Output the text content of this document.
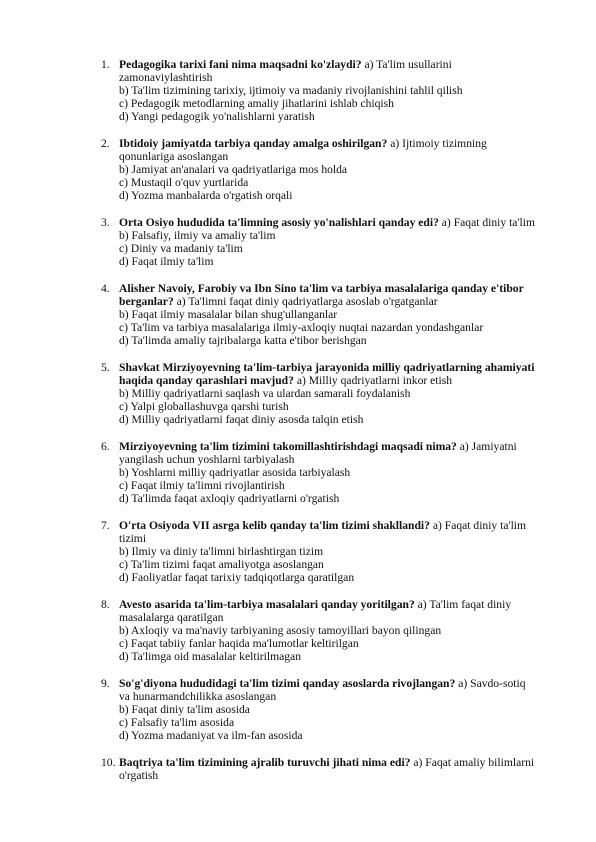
1. Pedagogika tarixi fani nima maqsadni ko'zlaydi? a) Ta'lim usullarini
zamonaviylashtirish
b) Ta'lim tizimining tarixiy, ijtimoiy va madaniy rivojlanishini tahlil qilish
c) Pedagogik metodlarning amaliy jihatlarini ishlab chiqish
d) Yangi pedagogik yo'nalishlarni yaratish
2. Ibtidoiy jamiyatda tarbiya qanday amalga oshirilgan? a) Ijtimoiy tizimning
qonunlariga asoslangan
b) Jamiyat an'analari va qadriyatlariga mos holda
c) Mustaqil o'quv yurtlarida
d) Yozma manbalarda o'rgatish orqali
3. Orta Osiyo hududida ta'limning asosiy yo'nalishlari qanday edi? a) Faqat diniy ta'lim
b) Falsafiy, ilmiy va amaliy ta'lim
c) Diniy va madaniy ta'lim
d) Faqat ilmiy ta'lim
4. Alisher Navoiy, Farobiy va Ibn Sino ta'lim va tarbiya masalalariga qanday e'tibor
berganlar? a) Ta'limni faqat diniy qadriyatlarga asoslab o'rgatganlar
b) Faqat ilmiy masalalar bilan shug'ullanganlar
c) Ta'lim va tarbiya masalalariga ilmiy-axloqiy nuqtai nazardan yondashganlar
d) Ta'limda amaliy tajribalarga katta e'tibor berishgan
5. Shavkat Mirziyoyevning ta'lim-tarbiya jarayonida milliy qadriyatlarning ahamiyati
haqida qanday qarashlari mavjud? a) Milliy qadriyatlarni inkor etish
b) Milliy qadriyatlarni saqlash va ulardan samarali foydalanish
c) Yalpi globallashuvga qarshi turish
d) Milliy qadriyatlarni faqat diniy asosda talqin etish
6. Mirziyoyevning ta'lim tizimini takomillashtirishdagi maqsadi nima? a) Jamiyatni
yangilash uchun yoshlarni tarbiyalash
b) Yoshlarni milliy qadriyatlar asosida tarbiyalash
c) Faqat ilmiy ta'limni rivojlantirish
d) Ta'limda faqat axloqiy qadriyatlarni o'rgatish
7. O'rta Osiyoda VII asrga kelib qanday ta'lim tizimi shakllandi? a) Faqat diniy ta'lim
tizimi
b) Ilmiy va diniy ta'limni birlashtirgan tizim
c) Ta'lim tizimi faqat amaliyotga asoslangan
d) Faoliyatlar faqat tarixiy tadqiqotlarga qaratilgan
8. Avesto asarida ta'lim-tarbiya masalalari qanday yoritilgan? a) Ta'lim faqat diniy
masalalarga qaratilgan
b) Axloqiy va ma'naviy tarbiyaning asosiy tamoyillari bayon qilingan
c) Faqat tabiiy fanlar haqida ma'lumotlar keltirilgan
d) Ta'limga oid masalalar keltirilmagan
9. So'g'diyona hududidagi ta'lim tizimi qanday asoslarda rivojlangan? a) Savdo-sotiq
va hunarmandchilikka asoslangan
b) Faqat diniy ta'lim asosida
c) Falsafiy ta'lim asosida
d) Yozma madaniyat va ilm-fan asosida
10. Baqtriya ta'lim tizimining ajralib turuvchi jihati nima edi? a) Faqat amaliy bilimlarni
o'rgatish
